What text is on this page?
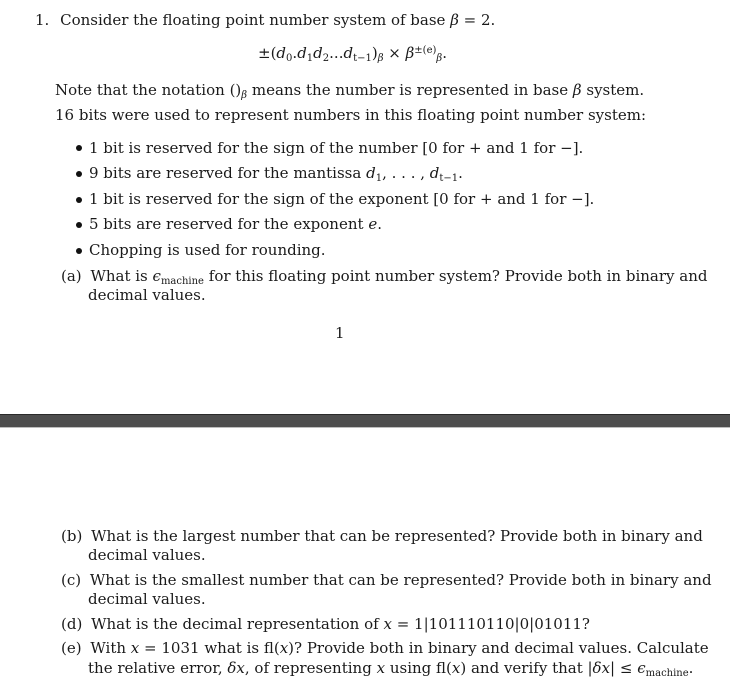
1. Consider the floating point number system of base β = 2.
$\pm(d_0.d_1d_2...d_{t-1})_\beta \times \beta^{\pm(e)}_\beta$.
Note that the notation $()_\beta$ means the number is represented in base β system.
16 bits were used to represent numbers in this floating point number system:
1 bit is reserved for the sign of the number [0 for + and 1 for −].
9 bits are reserved for the mantissa $d_1$, . . . , $d_{t-1}$.
1 bit is reserved for the sign of the exponent [0 for + and 1 for −].
5 bits are reserved for the exponent e.
Chopping is used for rounding.
(a) What is $\epsilon_{machine}$ for this floating point number system? Provide both in binary and
decimal values.
1
(b) What is the largest number that can be represented? Provide both in binary and
decimal values.
(c) What is the smallest number that can be represented? Provide both in binary and
decimal values.
(d) What is the decimal representation of x = 1|101110110|0|01011?
(e) With x = 1031 what is fl(x)? Provide both in binary and decimal values. Calculate
the relative error, δx, of representing x using fl(x) and verify that $|\delta x| \le \epsilon_{machine}$.
